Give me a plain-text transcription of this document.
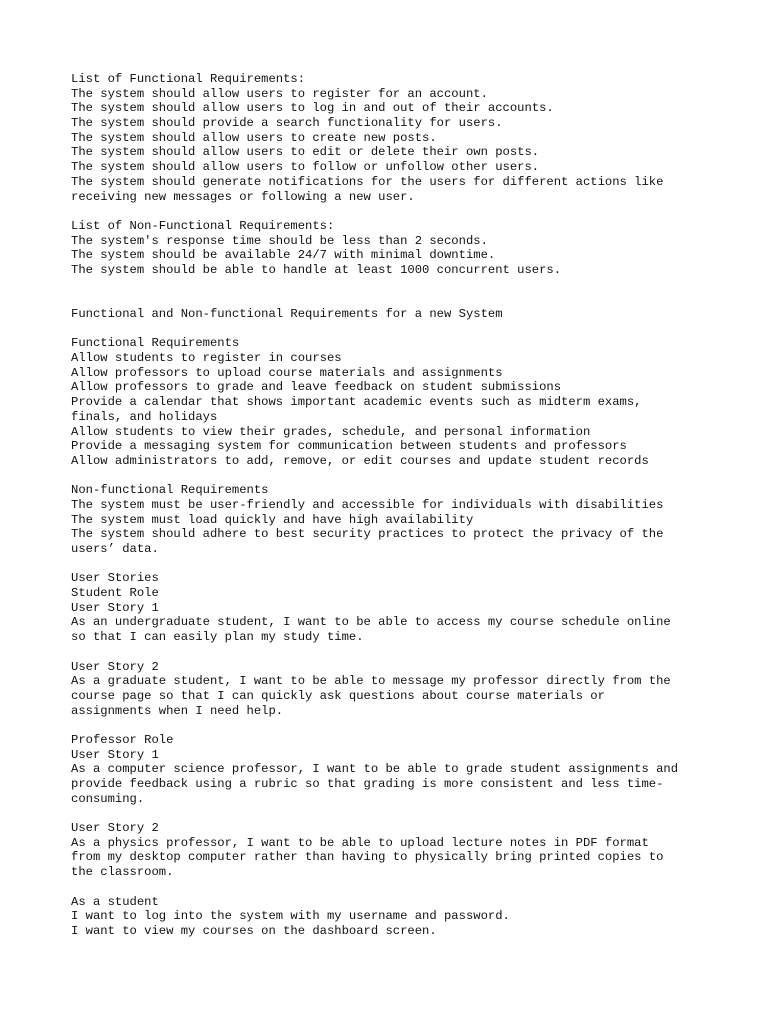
List of Functional Requirements:
The system should allow users to register for an account.
The system should allow users to log in and out of their accounts.
The system should provide a search functionality for users.
The system should allow users to create new posts.
The system should allow users to edit or delete their own posts.
The system should allow users to follow or unfollow other users.
The system should generate notifications for the users for different actions like
receiving new messages or following a new user.
List of Non-Functional Requirements:
The system's response time should be less than 2 seconds.
The system should be available 24/7 with minimal downtime.
The system should be able to handle at least 1000 concurrent users.
Functional and Non-functional Requirements for a new System
Functional Requirements
Allow students to register in courses
Allow professors to upload course materials and assignments
Allow professors to grade and leave feedback on student submissions
Provide a calendar that shows important academic events such as midterm exams,
finals, and holidays
Allow students to view their grades, schedule, and personal information
Provide a messaging system for communication between students and professors
Allow administrators to add, remove, or edit courses and update student records
Non-functional Requirements
The system must be user-friendly and accessible for individuals with disabilities
The system must load quickly and have high availability
The system should adhere to best security practices to protect the privacy of the
users’ data.
User Stories
Student Role
User Story 1
As an undergraduate student, I want to be able to access my course schedule online
so that I can easily plan my study time.
User Story 2
As a graduate student, I want to be able to message my professor directly from the
course page so that I can quickly ask questions about course materials or
assignments when I need help.
Professor Role
User Story 1
As a computer science professor, I want to be able to grade student assignments and
provide feedback using a rubric so that grading is more consistent and less time-
consuming.
User Story 2
As a physics professor, I want to be able to upload lecture notes in PDF format
from my desktop computer rather than having to physically bring printed copies to
the classroom.
As a student
I want to log into the system with my username and password.
I want to view my courses on the dashboard screen.
